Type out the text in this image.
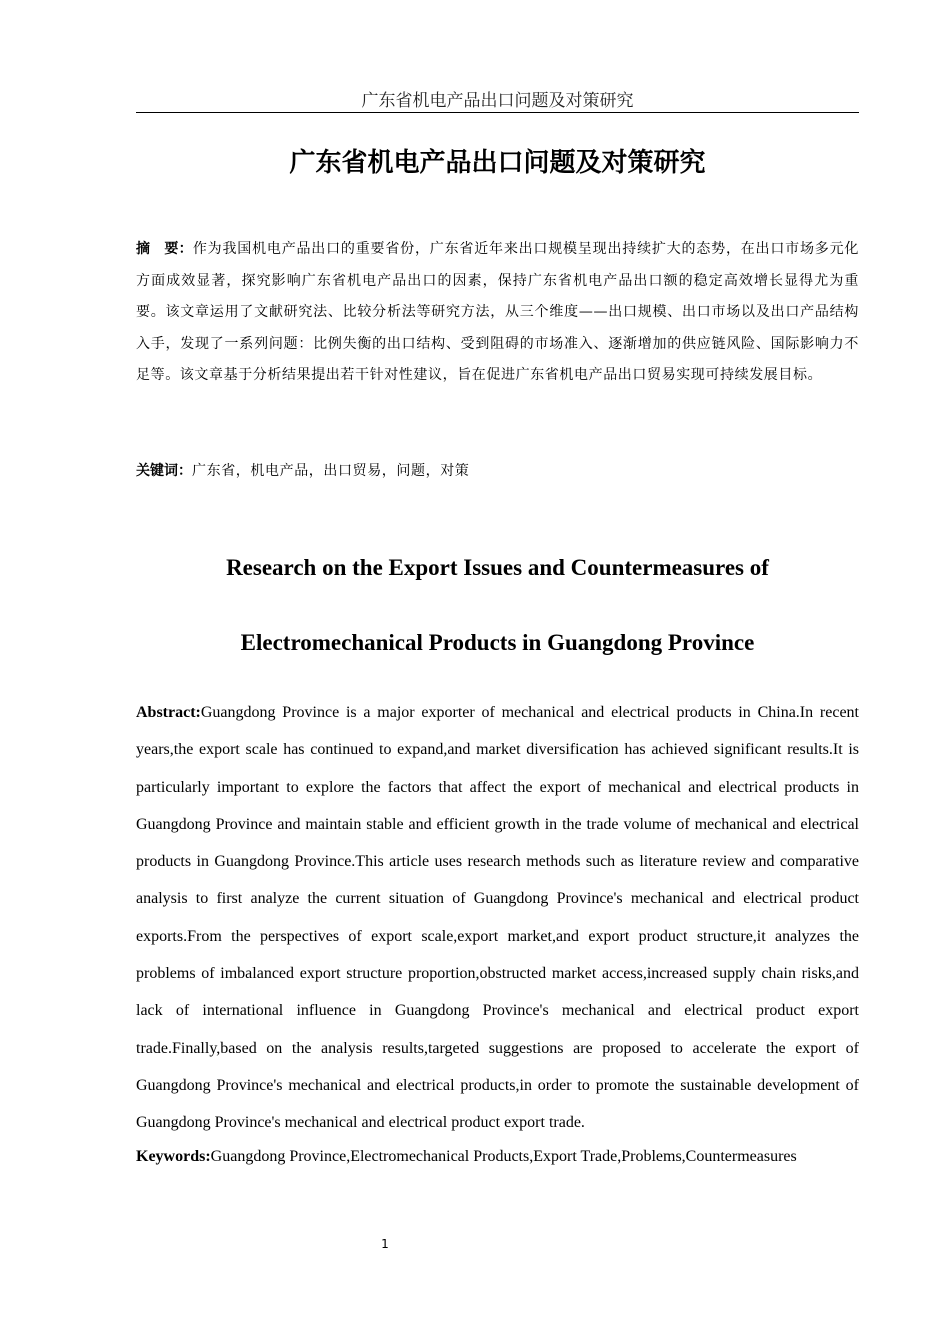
广东省机电产品出口问题及对策研究
广东省机电产品出口问题及对策研究
摘　要：作为我国机电产品出口的重要省份，广东省近年来出口规模呈现出持续扩大的态势，在出口市场多元化方面成效显著，探究影响广东省机电产品出口的因素，保持广东省机电产品出口额的稳定高效增长显得尤为重要。该文章运用了文献研究法、比较分析法等研究方法，从三个维度——出口规模、出口市场以及出口产品结构入手，发现了一系列问题：比例失衡的出口结构、受到阻碍的市场准入、逐渐增加的供应链风险、国际影响力不足等。该文章基于分析结果提出若干针对性建议，旨在促进广东省机电产品出口贸易实现可持续发展目标。
关键词：广东省，机电产品，出口贸易，问题，对策
Research on the Export Issues and Countermeasures of
Electromechanical Products in Guangdong Province
Abstract:Guangdong Province is a major exporter of mechanical and electrical products in China.In recent years,the export scale has continued to expand,and market diversification has achieved significant results.It is particularly important to explore the factors that affect the export of mechanical and electrical products in Guangdong Province and maintain stable and efficient growth in the trade volume of mechanical and electrical products in Guangdong Province.This article uses research methods such as literature review and comparative analysis to first analyze the current situation of Guangdong Province's mechanical and electrical product exports.From the perspectives of export scale,export market,and export product structure,it analyzes the problems of imbalanced export structure proportion,obstructed market access,increased supply chain risks,and lack of international influence in Guangdong Province's mechanical and electrical product export trade.Finally,based on the analysis results,targeted suggestions are proposed to accelerate the export of Guangdong Province's mechanical and electrical products,in order to promote the sustainable development of Guangdong Province's mechanical and electrical product export trade.
Keywords:Guangdong Province,Electromechanical Products,Export Trade,Problems,Countermeasures
1
